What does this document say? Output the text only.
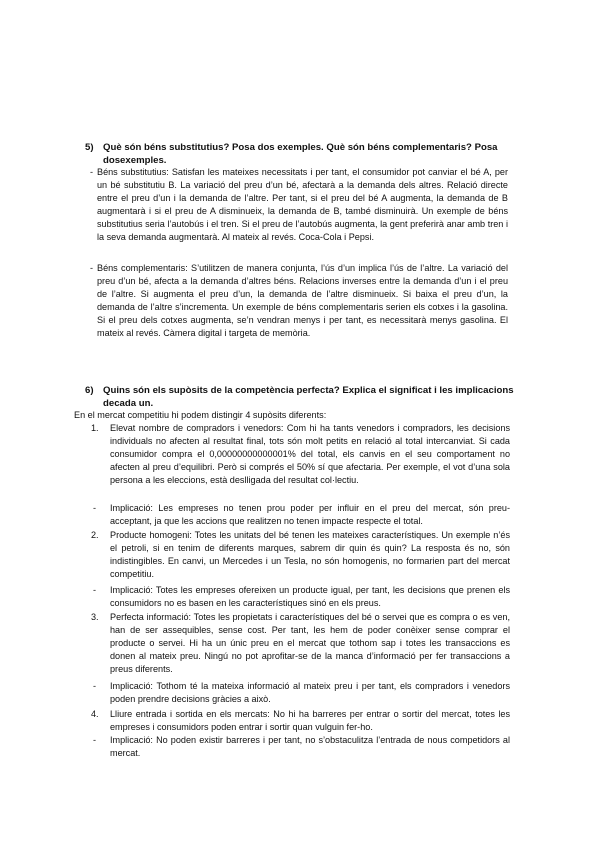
5) Què són béns substitutius? Posa dos exemples. Què són béns complementaris? Posa
dosexemples.
- Béns substitutius: Satisfan les mateixes necessitats i per tant, el consumidor pot canviar el bé A, per un bé substitutiu B. La variació del preu d’un bé, afectarà a la demanda dels altres. Relació directe entre el preu d’un i la demanda de l’altre. Per tant, si el preu del bé A augmenta, la demanda de B augmentarà i si el preu de A disminueix, la demanda de B, també disminuirà. Un exemple de béns substitutius seria l’autobús i el tren. Si el preu de l’autobús augmenta, la gent preferirà anar amb tren i la seva demanda augmentarà. Al mateix al revés. Coca-Cola i Pepsi.
- Béns complementaris: S’utilitzen de manera conjunta, l’ús d’un implica l’ús de l’altre. La variació del preu d’un bé, afecta a la demanda d’altres béns. Relacions inverses entre la demanda d’un i el preu de l’altre. Si augmenta el preu d’un, la demanda de l’altre disminueix. Si baixa el preu d’un, la demanda de l’altre s’incrementa. Un exemple de béns complementaris serien els cotxes i la gasolina. Si el preu dels cotxes augmenta, se’n vendran menys i per tant, es necessitarà menys gasolina. El mateix al revés. Càmera digital i targeta de memòria.
6) Quins són els supòsits de la competència perfecta? Explica el significat i les implicacions
decada un.
En el mercat competitiu hi podem distingir 4 supòsits diferents:
1. Elevat nombre de compradors i venedors: Com hi ha tants venedors i compradors, les decisions individuals no afecten al resultat final, tots són molt petits en relació al total intercanviat. Si cada consumidor compra el 0,00000000000001% del total, els canvis en el seu comportament no afecten al preu d’equilibri. Però si comprés el 50% sí que afectaria. Per exemple, el vot d’una sola persona a les eleccions, està deslligada del resultat col·lectiu.
- Implicació: Les empreses no tenen prou poder per influir en el preu del mercat, són preu-acceptant, ja que les accions que realitzen no tenen impacte respecte el total.
2. Producte homogeni: Totes les unitats del bé tenen les mateixes característiques. Un exemple n’és el petroli, si en tenim de diferents marques, sabrem dir quin és quin? La resposta és no, són indistingibles. En canvi, un Mercedes i un Tesla, no són homogenis, no formarien part del mercat competitiu.
- Implicació: Totes les empreses ofereixen un producte igual, per tant, les decisions que prenen els consumidors no es basen en les característiques sinó en els preus.
3. Perfecta informació: Totes les propietats i característiques del bé o servei que es compra o es ven, han de ser assequibles, sense cost. Per tant, les hem de poder conèixer sense comprar el producte o servei. Hi ha un únic preu en el mercat que tothom sap i totes les transaccions es donen al mateix preu. Ningú no pot aprofitar-se de la manca d’informació per fer transaccions a preus diferents.
- Implicació: Tothom té la mateixa informació al mateix preu i per tant, els compradors i venedors poden prendre decisions gràcies a això.
4. Lliure entrada i sortida en els mercats: No hi ha barreres per entrar o sortir del mercat, totes les empreses i consumidors poden entrar i sortir quan vulguin fer-ho.
- Implicació: No poden existir barreres i per tant, no s’obstaculitza l’entrada de nous competidors al mercat.
